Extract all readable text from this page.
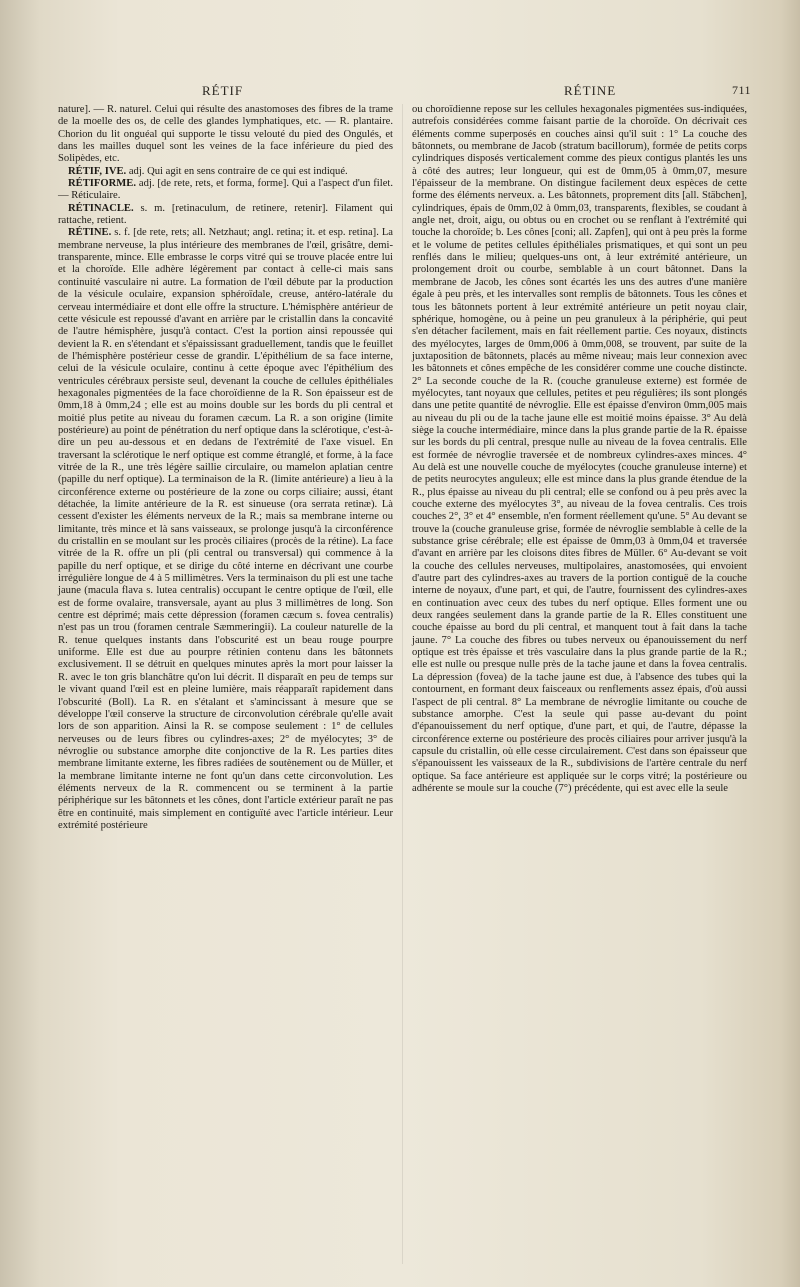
RÉTIF	RÉTINE	711

nature]. — R. naturel. Celui qui résulte des anastomoses des fibres de la trame de la moelle des os, de celle des glandes lymphatiques, etc. — R. plantaire. Chorion du lit onguéal qui supporte le tissu velouté du pied des Ongulés, et dans les mailles duquel sont les veines de la face inférieure du pied des Solipèdes, etc.

RÉTIF, IVE. adj. Qui agit en sens contraire de ce qui est indiqué.

RÉTIFORME. adj. [de rete, rets, et forma, forme]. Qui a l'aspect d'un filet. — Réticulaire.

RÉTINACLE. s. m. [retinaculum, de retinere, retenir]. Filament qui rattache, retient.

RÉTINE. s. f. [de rete, rets; all. Netzhaut; angl. retina; it. et esp. retina]. La membrane nerveuse, la plus intérieure des membranes de l'œil, grisâtre, demi-transparente, mince. Elle embrasse le corps vitré qui se trouve placée entre lui et la choroïde. Elle adhère légèrement par contact à celle-ci mais sans continuité vasculaire ni autre. La formation de l'œil débute par la production de la vésicule oculaire, expansion sphéroïdale, creuse, antéro-latérale du cerveau intermédiaire et dont elle offre la structure. L'hémisphère antérieur de cette vésicule est repoussé d'avant en arrière par le cristallin dans la concavité de l'autre hémisphère, jusqu'à contact. C'est la portion ainsi repoussée qui devient la R. en s'étendant et s'épaississant graduellement, tandis que le feuillet de l'hémisphère postérieur cesse de grandir. L'épithélium de sa face interne, celui de la vésicule oculaire, continu à cette époque avec l'épithélium des ventricules cérébraux persiste seul, devenant la couche de cellules épithéliales hexagonales pigmentées de la face choroïdienne de la R. Son épaisseur est de 0mm,18 à 0mm,24 ; elle est au moins double sur les bords du pli central et moitié plus petite au niveau du foramen cæcum. La R. a son origine (limite postérieure) au point de pénétration du nerf optique dans la sclérotique, c'est-à-dire un peu au-dessous et en dedans de l'extrémité de l'axe visuel. En traversant la sclérotique le nerf optique est comme étranglé, et forme, à la face vitrée de la R., une très légère saillie circulaire, ou mamelon aplatian centre (papille du nerf optique). La terminaison de la R. (limite antérieure) a lieu à la circonférence externe ou postérieure de la zone ou corps ciliaire; aussi, étant détachée, la limite antérieure de la R. est sinueuse (ora serrata retinæ). Là cessent d'exister les éléments nerveux de la R.; mais sa membrane interne ou limitante, très mince et là sans vaisseaux, se prolonge jusqu'à la circonférence du cristallin en se moulant sur les procès ciliaires (procès de la rétine). La face vitrée de la R. offre un pli (pli central ou transversal) qui commence à la papille du nerf optique, et se dirige du côté interne en décrivant une courbe irrégulière longue de 4 à 5 millimètres. Vers la terminaison du pli est une tache jaune (macula flava s. lutea centralis) occupant le centre optique de l'œil, elle est de forme ovalaire, transversale, ayant au plus 3 millimètres de long. Son centre est déprimé; mais cette dépression (foramen cæcum s. fovea centralis) n'est pas un trou (foramen centrale Sæmmeringii). La couleur naturelle de la R. tenue quelques instants dans l'obscurité est un beau rouge pourpre uniforme. Elle est due au pourpre rétinien contenu dans les bâtonnets exclusivement. Il se détruit en quelques minutes après la mort pour laisser la R. avec le ton gris blanchâtre qu'on lui décrit. Il disparaît en peu de temps sur le vivant quand l'œil est en pleine lumière, mais réapparaît rapidement dans l'obscurité (Boll). La R. en s'étalant et s'amincissant à mesure que se développe l'œil conserve la structure de circonvolution cérébrale qu'elle avait lors de son apparition. Ainsi la R. se compose seulement : 1° de cellules nerveuses ou de leurs fibres ou cylindres-axes; 2° de myélocytes; 3° de névroglie ou substance amorphe dite conjonctive de la R. Les parties dites membrane limitante externe, les fibres radiées de soutènement ou de Müller, et la membrane limitante interne ne font qu'un dans cette circonvolution. Les éléments nerveux de la R. commencent ou se terminent à la partie périphérique sur les bâtonnets et les cônes, dont l'article extérieur paraît ne pas être en continuité, mais simplement en contiguïté avec l'article intérieur. Leur extrémité postérieure

ou choroïdienne repose sur les cellules hexagonales pigmentées sus-indiquées, autrefois considérées comme faisant partie de la choroïde. On décrivait ces éléments comme superposés en couches ainsi qu'il suit : 1° La couche des bâtonnets, ou membrane de Jacob (stratum bacillorum), formée de petits corps cylindriques disposés verticalement comme des pieux contigus plantés les uns à côté des autres; leur longueur, qui est de 0mm,05 à 0mm,07, mesure l'épaisseur de la membrane. On distingue facilement deux espèces de cette forme des éléments nerveux. a. Les bâtonnets, proprement dits [all. Stäbchen], cylindriques, épais de 0mm,02 à 0mm,03, transparents, flexibles, se coudant à angle net, droit, aigu, ou obtus ou en crochet ou se renflant à l'extrémité qui touche la choroïde; b. Les cônes [coni; all. Zapfen], qui ont à peu près la forme et le volume de petites cellules épithéliales prismatiques, et qui sont un peu renflés dans le milieu; quelques-uns ont, à leur extrémité antérieure, un prolongement droit ou courbe, semblable à un court bâtonnet. Dans la membrane de Jacob, les cônes sont écartés les uns des autres d'une manière égale à peu près, et les intervalles sont remplis de bâtonnets. Tous les cônes et tous les bâtonnets portent à leur extrémité antérieure un petit noyau clair, sphérique, homogène, ou à peine un peu granuleux à la périphérie, qui peut s'en détacher facilement, mais en fait réellement partie. Ces noyaux, distincts des myélocytes, larges de 0mm,006 à 0mm,008, se trouvent, par suite de la juxtaposition de bâtonnets, placés au même niveau; mais leur connexion avec les bâtonnets et cônes empêche de les considérer comme une couche distincte. 2° La seconde couche de la R. (couche granuleuse externe) est formée de myélocytes, tant noyaux que cellules, petites et peu régulières; ils sont plongés dans une petite quantité de névroglie. Elle est épaisse d'environ 0mm,005 mais au niveau du pli ou de la tache jaune elle est moitié moins épaisse. 3° Au delà siège la couche intermédiaire, mince dans la plus grande partie de la R. épaisse sur les bords du pli central, presque nulle au niveau de la fovea centralis. Elle est formée de névroglie traversée et de nombreux cylindres-axes minces. 4° Au delà est une nouvelle couche de myélocytes (couche granuleuse interne) et de petits neurocytes anguleux; elle est mince dans la plus grande étendue de la R., plus épaisse au niveau du pli central; elle se confond ou à peu près avec la couche externe des myélocytes 3°, au niveau de la fovea centralis. Ces trois couches 2°, 3° et 4° ensemble, n'en forment réellement qu'une. 5° Au devant se trouve la (couche granuleuse grise, formée de névroglie semblable à celle de la substance grise cérébrale; elle est épaisse de 0mm,03 à 0mm,04 et traversée d'avant en arrière par les cloisons dites fibres de Müller. 6° Au-devant se voit la couche des cellules nerveuses, multipolaires, anastomosées, qui envoient d'autre part des cylindres-axes au travers de la portion contiguë de la couche interne de noyaux, d'une part, et qui, de l'autre, fournissent des cylindres-axes en continuation avec ceux des tubes du nerf optique. Elles forment une ou deux rangées seulement dans la grande partie de la R. Elles constituent une couche épaisse au bord du pli central, et manquent tout à fait dans la tache jaune. 7° La couche des fibres ou tubes nerveux ou épanouissement du nerf optique est très épaisse et très vasculaire dans la plus grande partie de la R.; elle est nulle ou presque nulle près de la tache jaune et dans la fovea centralis. La dépression (fovea) de la tache jaune est due, à l'absence des tubes qui la contournent, en formant deux faisceaux ou renflements assez épais, d'où aussi l'aspect de pli central. 8° La membrane de névroglie limitante ou couche de substance amorphe. C'est la seule qui passe au-devant du point d'épanouissement du nerf optique, d'une part, et qui, de l'autre, dépasse la circonférence externe ou postérieure des procès ciliaires pour arriver jusqu'à la capsule du cristallin, où elle cesse circulairement. C'est dans son épaisseur que s'épanouissent les vaisseaux de la R., subdivisions de l'artère centrale du nerf optique. Sa face antérieure est appliquée sur le corps vitré; la postérieure ou adhérente se moule sur la couche (7°) précédente, qui est avec elle la seule
